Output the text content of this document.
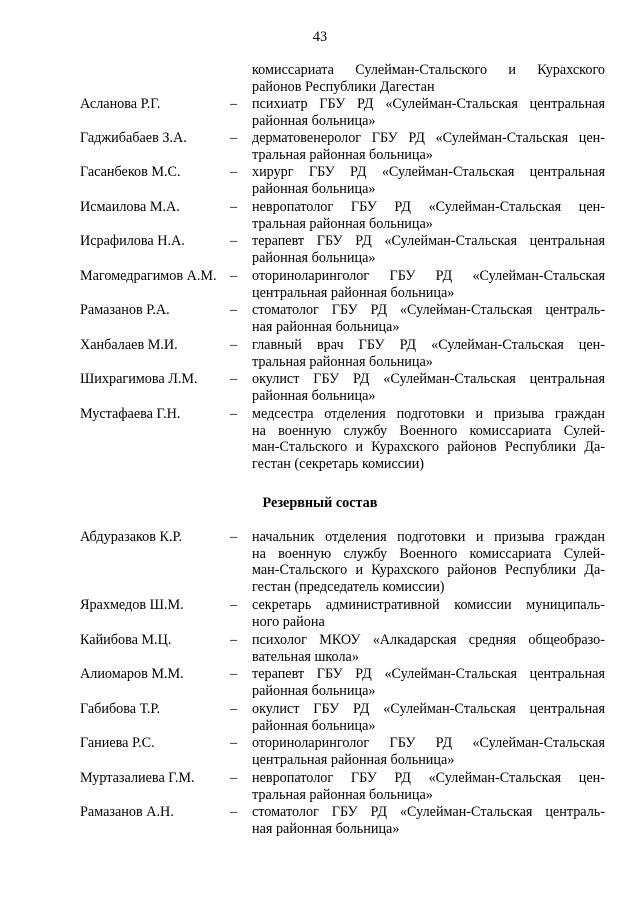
43
комиссариата Сулейман-Стальского и Курахского
районов Республики Дагестан
Асланова Р.Г.	– психиатр ГБУ РД «Сулейман-Стальская центральная
районная больница»
Гаджибабаев З.А.	– дерматовенеролог ГБУ РД «Сулейман-Стальская цен-
тральная районная больница»
Гасанбеков М.С.	– хирург ГБУ РД «Сулейман-Стальская центральная
районная больница»
Исмаилова М.А.	– невропатолог ГБУ РД «Сулейман-Стальская цен-
тральная районная больница»
Исрафилова Н.А.	– терапевт ГБУ РД «Сулейман-Стальская центральная
районная больница»
Магомедрагимов А.М. – оториноларинголог ГБУ РД «Сулейман-Стальская
центральная районная больница»
Рамазанов Р.А.	– стоматолог ГБУ РД «Сулейман-Стальская централь-
ная районная больница»
Ханбалаев М.И.	– главный врач ГБУ РД «Сулейман-Стальская цен-
тральная районная больница»
Шихрагимова Л.М. – окулист ГБУ РД «Сулейман-Стальская центральная
районная больница»
Мустафаева Г.Н.	– медсестра отделения подготовки и призыва граждан
на военную службу Военного комиссариата Сулей-
ман-Стальского и Курахского районов Республики Да-
гестан (секретарь комиссии)
Резервный состав
Абдуразаков К.Р.	– начальник отделения подготовки и призыва граждан
на военную службу Военного комиссариата Сулей-
ман-Стальского и Курахского районов Республики Да-
гестан (председатель комиссии)
Ярахмедов Ш.М.	– секретарь административной комиссии муниципаль-
ного района
Кайибова М.Ц.	– психолог МКОУ «Алкадарская средняя общеобразо-
вательная школа»
Алиомаров М.М.	– терапевт ГБУ РД «Сулейман-Стальская центральная
районная больница»
Габибова Т.Р.	– окулист ГБУ РД «Сулейман-Стальская центральная
районная больница»
Ганиева Р.С.	– оториноларинголог ГБУ РД «Сулейман-Стальская
центральная районная больница»
Муртазалиева Г.М. – невропатолог ГБУ РД «Сулейман-Стальская цен-
тральная районная больница»
Рамазанов А.Н.	– стоматолог ГБУ РД «Сулейман-Стальская централь-
ная районная больница»
